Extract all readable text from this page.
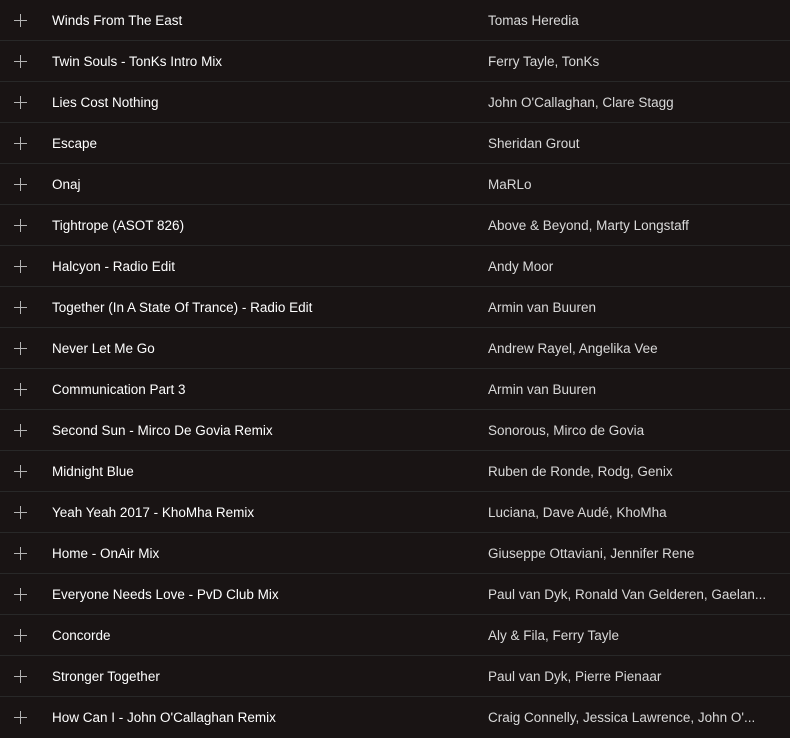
Winds From The East	Tomas Heredia
Twin Souls - TonKs Intro Mix	Ferry Tayle, TonKs
Lies Cost Nothing	John O'Callaghan, Clare Stagg
Escape	Sheridan Grout
Onaj	MaRLo
Tightrope (ASOT 826)	Above & Beyond, Marty Longstaff
Halcyon - Radio Edit	Andy Moor
Together (In A State Of Trance) - Radio Edit	Armin van Buuren
Never Let Me Go	Andrew Rayel, Angelika Vee
Communication Part 3	Armin van Buuren
Second Sun - Mirco De Govia Remix	Sonorous, Mirco de Govia
Midnight Blue	Ruben de Ronde, Rodg, Genix
Yeah Yeah 2017 - KhoMha Remix	Luciana, Dave Audé, KhoMha
Home - OnAir Mix	Giuseppe Ottaviani, Jennifer Rene
Everyone Needs Love - PvD Club Mix	Paul van Dyk, Ronald Van Gelderen, Gaelan...
Concorde	Aly & Fila, Ferry Tayle
Stronger Together	Paul van Dyk, Pierre Pienaar
How Can I - John O'Callaghan Remix	Craig Connelly, Jessica Lawrence, John O'...
